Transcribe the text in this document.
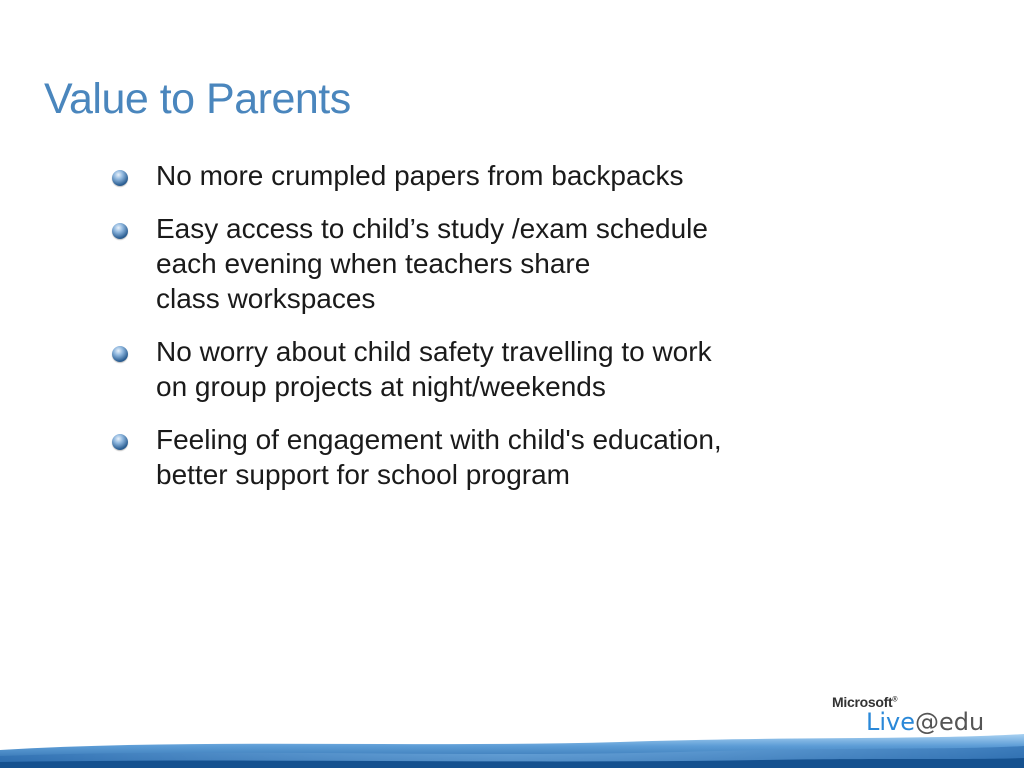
Value to Parents
No more crumpled papers from backpacks
Easy access to child’s study /exam schedule
each evening when teachers share
class workspaces
No worry about child safety travelling to work
on group projects at night/weekends
Feeling of engagement with child's education,
better support for school program
Microsoft®
Live@edu
